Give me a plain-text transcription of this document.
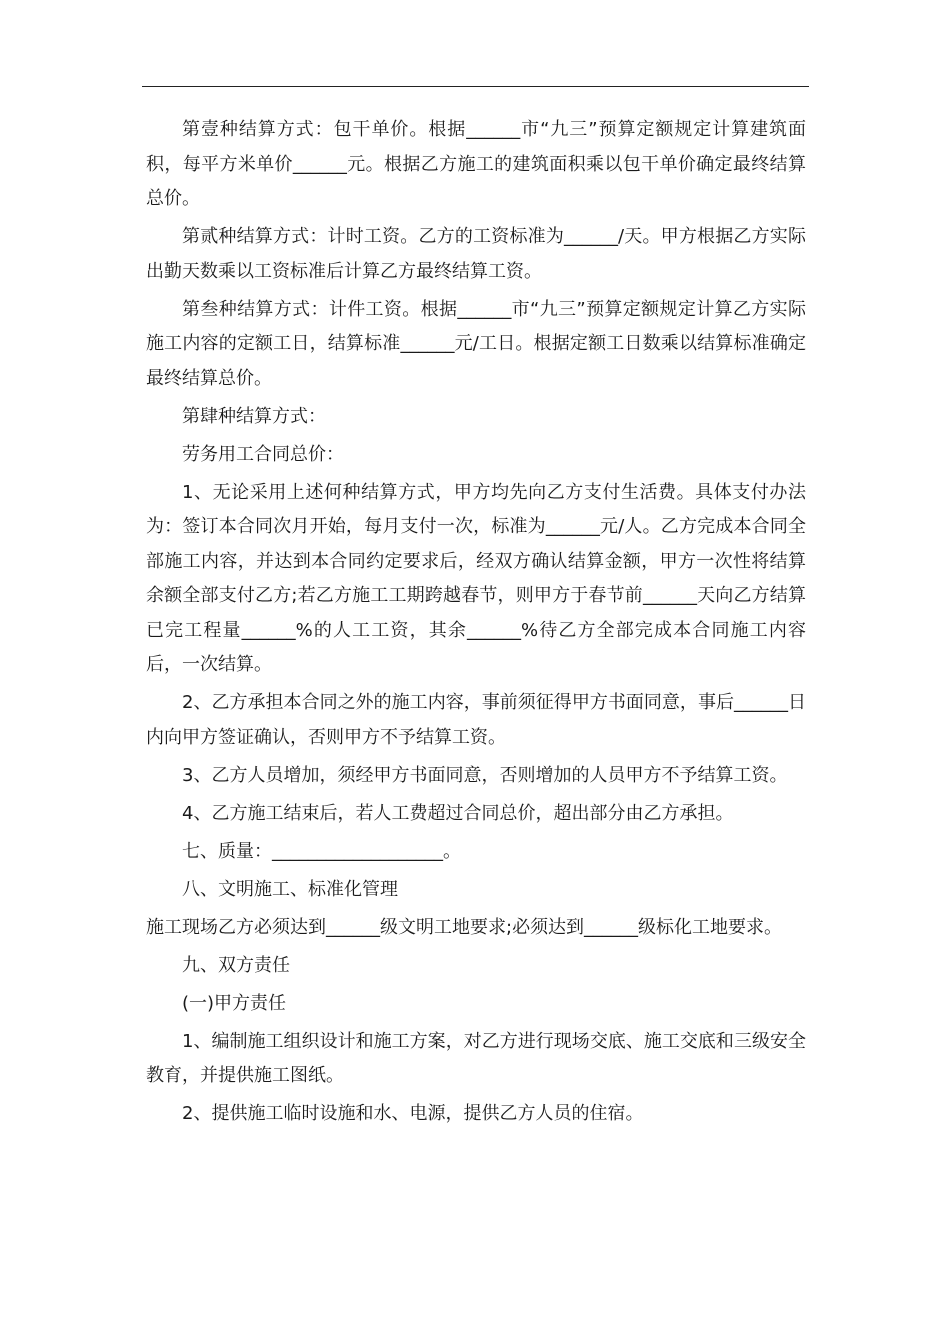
第壹种结算方式：包干单价。根据______市“九三”预算定额规定计算建筑面积，每平方米单价______元。根据乙方施工的建筑面积乘以包干单价确定最终结算总价。

第贰种结算方式：计时工资。乙方的工资标准为______/天。甲方根据乙方实际出勤天数乘以工资标准后计算乙方最终结算工资。

第叁种结算方式：计件工资。根据______市“九三”预算定额规定计算乙方实际施工内容的定额工日，结算标准______元/工日。根据定额工日数乘以结算标准确定最终结算总价。

第肆种结算方式：

劳务用工合同总价：

1、无论采用上述何种结算方式，甲方均先向乙方支付生活费。具体支付办法为：签订本合同次月开始，每月支付一次，标准为______元/人。乙方完成本合同全部施工内容，并达到本合同约定要求后，经双方确认结算金额，甲方一次性将结算余额全部支付乙方;若乙方施工工期跨越春节，则甲方于春节前______天向乙方结算已完工程量______%的人工工资，其余______%待乙方全部完成本合同施工内容后，一次结算。

2、乙方承担本合同之外的施工内容，事前须征得甲方书面同意，事后______日内向甲方签证确认，否则甲方不予结算工资。

3、乙方人员增加，须经甲方书面同意，否则增加的人员甲方不予结算工资。

4、乙方施工结束后，若人工费超过合同总价，超出部分由乙方承担。

七、质量：___________________。

八、文明施工、标准化管理

施工现场乙方必须达到______级文明工地要求;必须达到______级标化工地要求。

九、双方责任

(一)甲方责任

1、编制施工组织设计和施工方案，对乙方进行现场交底、施工交底和三级安全教育，并提供施工图纸。

2、提供施工临时设施和水、电源，提供乙方人员的住宿。
